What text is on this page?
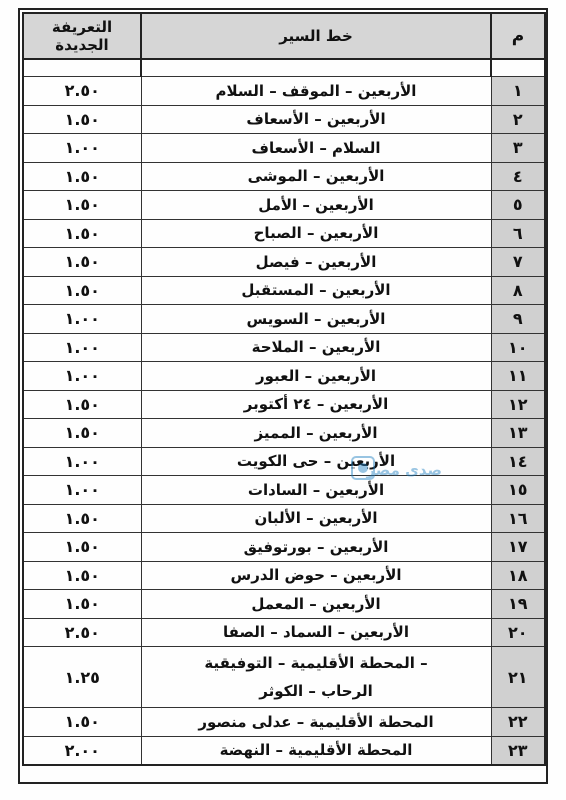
التعريفة الجديدة	خط السير	م

٢.٥٠	الأربعين – الموقف – السلام	١
١.٥٠	الأربعين – الأسعاف	٢
١.٠٠	السلام – الأسعاف	٣
١.٥٠	الأربعين – الموشى	٤
١.٥٠	الأربعين – الأمل	٥
١.٥٠	الأربعين – الصباح	٦
١.٥٠	الأربعين – فيصل	٧
١.٥٠	الأربعين – المستقبل	٨
١.٠٠	الأربعين – السويس	٩
١.٠٠	الأربعين – الملاحة	١٠
١.٠٠	الأربعين – العبور	١١
١.٥٠	الأربعين – ٢٤ أكتوبر	١٢
١.٥٠	الأربعين – المميز	١٣
١.٠٠	الأربعين – حى الكويت	١٤
١.٠٠	الأربعين – السادات	١٥
١.٥٠	الأربعين – الألبان	١٦
١.٥٠	الأربعين – بورتوفيق	١٧
١.٥٠	الأربعين – حوض الدرس	١٨
١.٥٠	الأربعين – المعمل	١٩
٢.٥٠	الأربعين – السماد – الصفا	٢٠
١.٢٥	المحطة الأقليمية – التوفيقية –
الرحاب – الكوثر	٢١
١.٥٠	المحطة الأقليمية – عدلى منصور	٢٢
٢.٠٠	المحطة الأقليمية – النهضة	٢٣
صدى مصر
